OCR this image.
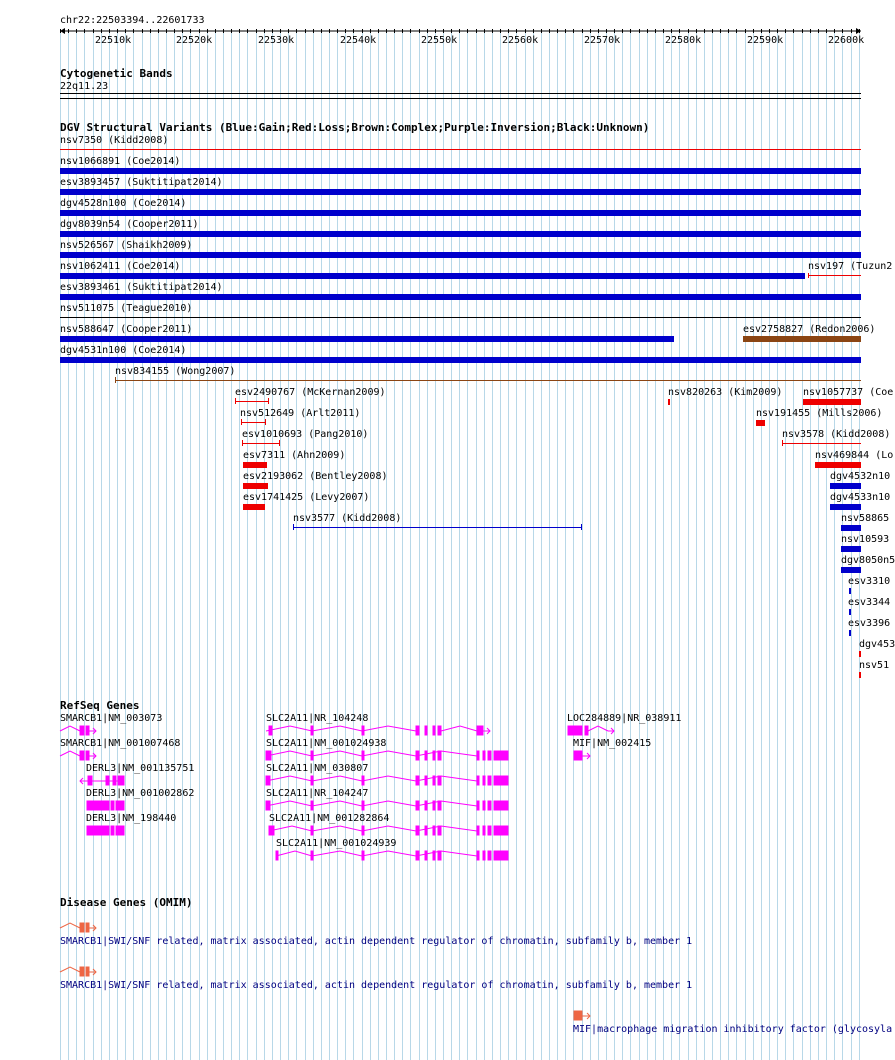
chr22:22503394..22601733
22510k	22520k	22530k	22540k	22550k	22560k	22570k	22580k	22590k	22600k
Cytogenetic Bands
22q11.23
DGV Structural Variants (Blue:Gain;Red:Loss;Brown:Complex;Purple:Inversion;Black:Unknown)
nsv7350 (Kidd2008)
nsv1066891 (Coe2014)
esv3893457 (Suktitipat2014)
dgv4528n100 (Coe2014)
dgv8039n54 (Cooper2011)
nsv526567 (Shaikh2009)
nsv1062411 (Coe2014)	nsv197 (Tuzun2
esv3893461 (Suktitipat2014)
nsv511075 (Teague2010)
nsv588647 (Cooper2011)	esv2758827 (Redon2006)
dgv4531n100 (Coe2014)
nsv834155 (Wong2007)
esv2490767 (McKernan2009)	nsv820263 (Kim2009) nsv1057737 (Coe
nsv512649 (Arlt2011)	nsv191455 (Mills2006)
esv1010693 (Pang2010)	nsv3578 (Kidd2008)
esv7311 (Ahn2009)	nsv469844 (Lo
esv2193062 (Bentley2008)	dgv4532n10
esv1741425 (Levy2007)	dgv4533n10
nsv3577 (Kidd2008)	nsv58865
nsv10593
dgv8050n5
esv3310
esv3344
esv3396
dgv453
nsv51
RefSeq Genes
SMARCB1|NM_003073	SLC2A11|NR_104248	LOC284889|NR_038911
SMARCB1|NM_001007468	SLC2A11|NM_001024938	MIF|NM_002415
DERL3|NM_001135751	SLC2A11|NM_030807
DERL3|NM_001002862	SLC2A11|NR_104247
DERL3|NM_198440	SLC2A11|NM_001282864
SLC2A11|NM_001024939
Disease Genes (OMIM)
SMARCB1|SWI/SNF related, matrix associated, actin dependent regulator of chromatin, subfamily b, member 1
SMARCB1|SWI/SNF related, matrix associated, actin dependent regulator of chromatin, subfamily b, member 1
MIF|macrophage migration inhibitory factor (glycosyla
